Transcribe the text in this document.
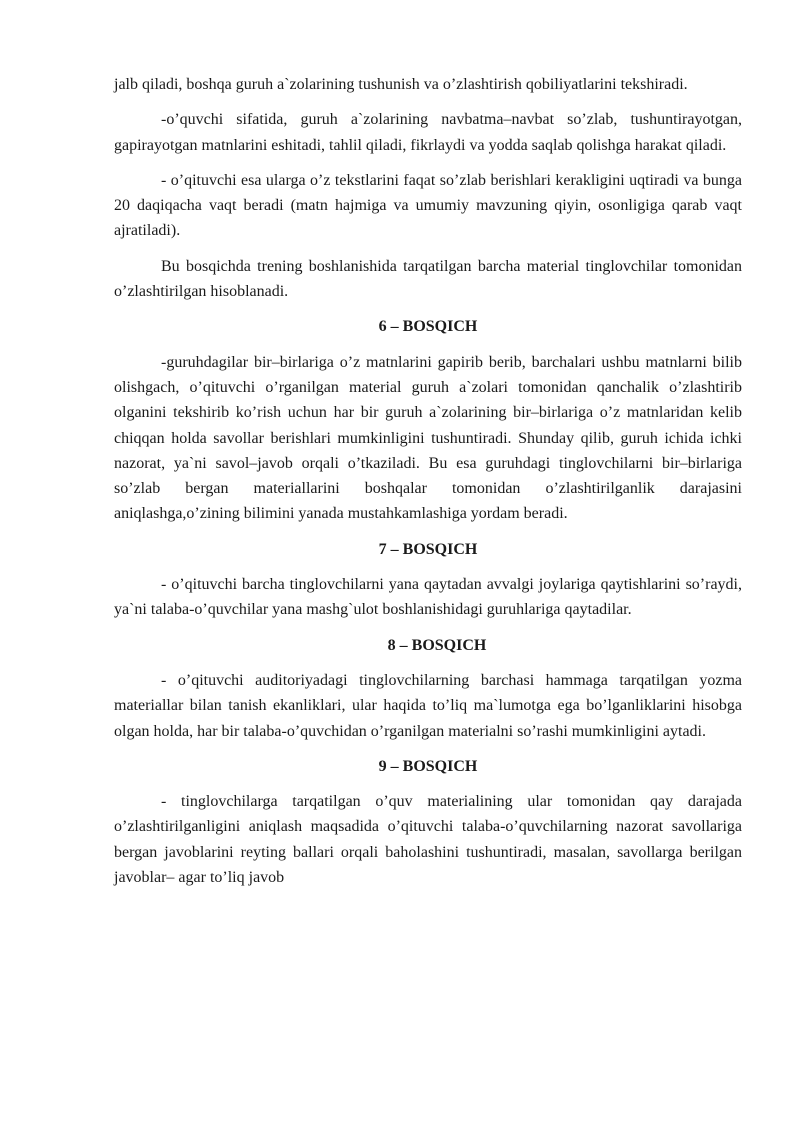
jalb qiladi, boshqa guruh a`zolarining tushunish va o’zlashtirish qobiliyatlarini tekshiradi.

-o’quvchi sifatida, guruh a`zolarining navbatma–navbat so’zlab, tushuntirayotgan, gapirayotgan matnlarini eshitadi, tahlil qiladi, fikrlaydi va yodda saqlab qolishga harakat qiladi.

- o’qituvchi esa ularga o’z tekstlarini faqat so’zlab berishlari kerakligini uqtiradi va bunga 20 daqiqacha vaqt beradi (matn hajmiga va umumiy mavzuning qiyin, osonligiga qarab vaqt ajratiladi).

Bu bosqichda trening boshlanishida tarqatilgan barcha material tinglovchilar tomonidan o’zlashtirilgan hisoblanadi.

6 – BOSQICH

-guruhdagilar bir–birlariga o’z matnlarini gapirib berib, barchalari ushbu matnlarni bilib olishgach, o’qituvchi o’rganilgan material guruh a`zolari tomonidan qanchalik o’zlashtirib olganini tekshirib ko’rish uchun har bir guruh a`zolarining bir–birlariga o’z matnlaridan kelib chiqqan holda savollar berishlari mumkinligini tushuntiradi. Shunday qilib, guruh ichida ichki nazorat, ya`ni savol–javob orqali o’tkaziladi. Bu esa guruhdagi tinglovchilarni bir–birlariga so’zlab bergan materiallarini boshqalar tomonidan o’zlashtirilganlik darajasini aniqlashga,o’zining bilimini yanada mustahkamlashiga yordam beradi.

7 – BOSQICH

- o’qituvchi barcha tinglovchilarni yana qaytadan avvalgi joylariga qaytishlarini so’raydi, ya`ni talaba-o’quvchilar yana mashg`ulot boshlanishidagi guruhlariga qaytadilar.

8 – BOSQICH

- o’qituvchi auditoriyadagi tinglovchilarning barchasi hammaga tarqatilgan yozma materiallar bilan tanish ekanliklari, ular haqida to’liq ma`lumotga ega bo’lganliklarini hisobga olgan holda, har bir talaba-o’quvchidan o’rganilgan materialni so’rashi mumkinligini aytadi.

9 – BOSQICH

- tinglovchilarga tarqatilgan o’quv materialining ular tomonidan qay darajada o’zlashtirilganligini aniqlash maqsadida o’qituvchi talaba-o’quvchilarning nazorat savollariga bergan javoblarini reyting ballari orqali baholashini tushuntiradi, masalan, savollarga berilgan javoblar– agar to’liq javob
